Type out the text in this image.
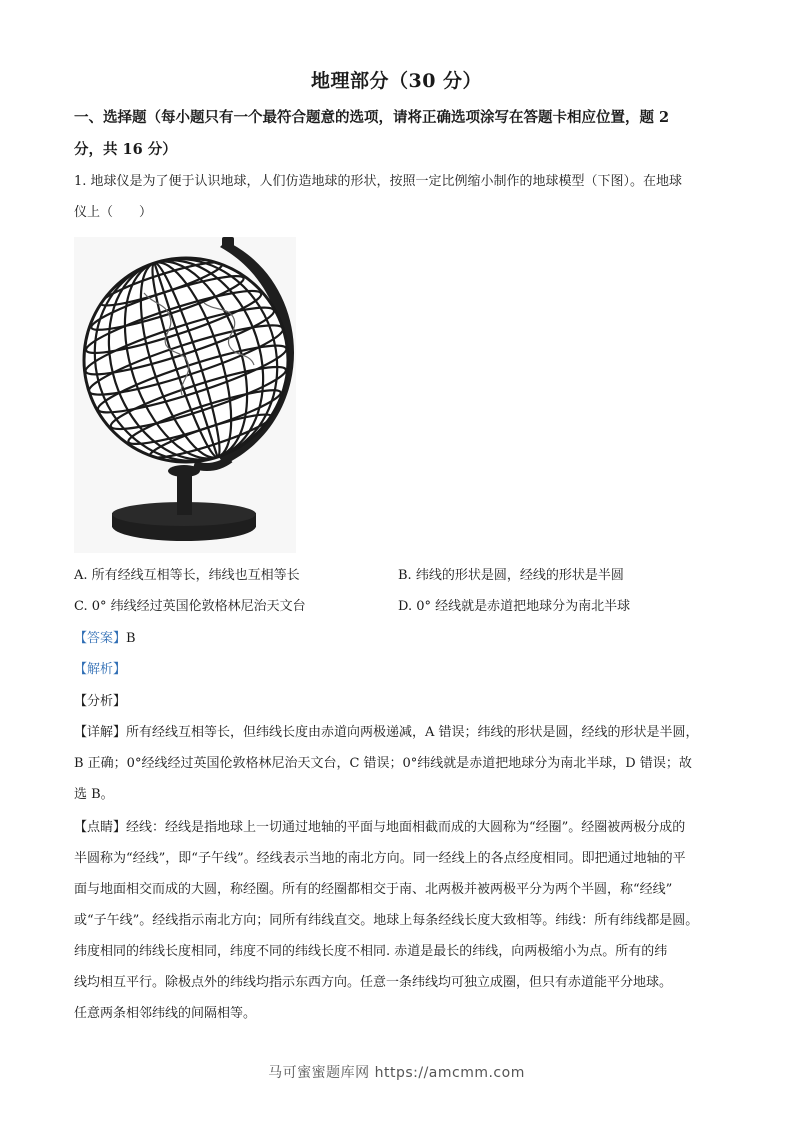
地理部分（30 分）
一、选择题（每小题只有一个最符合题意的选项，请将正确选项涂写在答题卡相应位置，题 2
分，共 16 分）
1. 地球仪是为了便于认识地球，人们仿造地球的形状，按照一定比例缩小制作的地球模型（下图）。在地球
仪上（　　）
A. 所有经线互相等长，纬线也互相等长	B. 纬线的形状是圆，经线的形状是半圆
C. 0° 纬线经过英国伦敦格林尼治天文台	D. 0° 经线就是赤道把地球分为南北半球
【答案】B
【解析】
【分析】
【详解】所有经线互相等长，但纬线长度由赤道向两极递减，A 错误；纬线的形状是圆，经线的形状是半圆，
B 正确；0°经线经过英国伦敦格林尼治天文台，C 错误；0°纬线就是赤道把地球分为南北半球，D 错误；故
选 B。
【点睛】经线：经线是指地球上一切通过地轴的平面与地面相截而成的大圆称为“经圈”。经圈被两极分成的
半圆称为“经线”，即“子午线”。经线表示当地的南北方向。同一经线上的各点经度相同。即把通过地轴的平
面与地面相交而成的大圆，称经圈。所有的经圈都相交于南、北两极并被两极平分为两个半圆，称“经线”
或“子午线”。经线指示南北方向；同所有纬线直交。地球上每条经线长度大致相等。纬线：所有纬线都是圆。
纬度相同的纬线长度相同，纬度不同的纬线长度不相同. 赤道是最长的纬线，向两极缩小为点。所有的纬
线均相互平行。除极点外的纬线均指示东西方向。任意一条纬线均可独立成圈，但只有赤道能平分地球。
任意两条相邻纬线的间隔相等。
马可蜜蜜题库网 https://amcmm.com
